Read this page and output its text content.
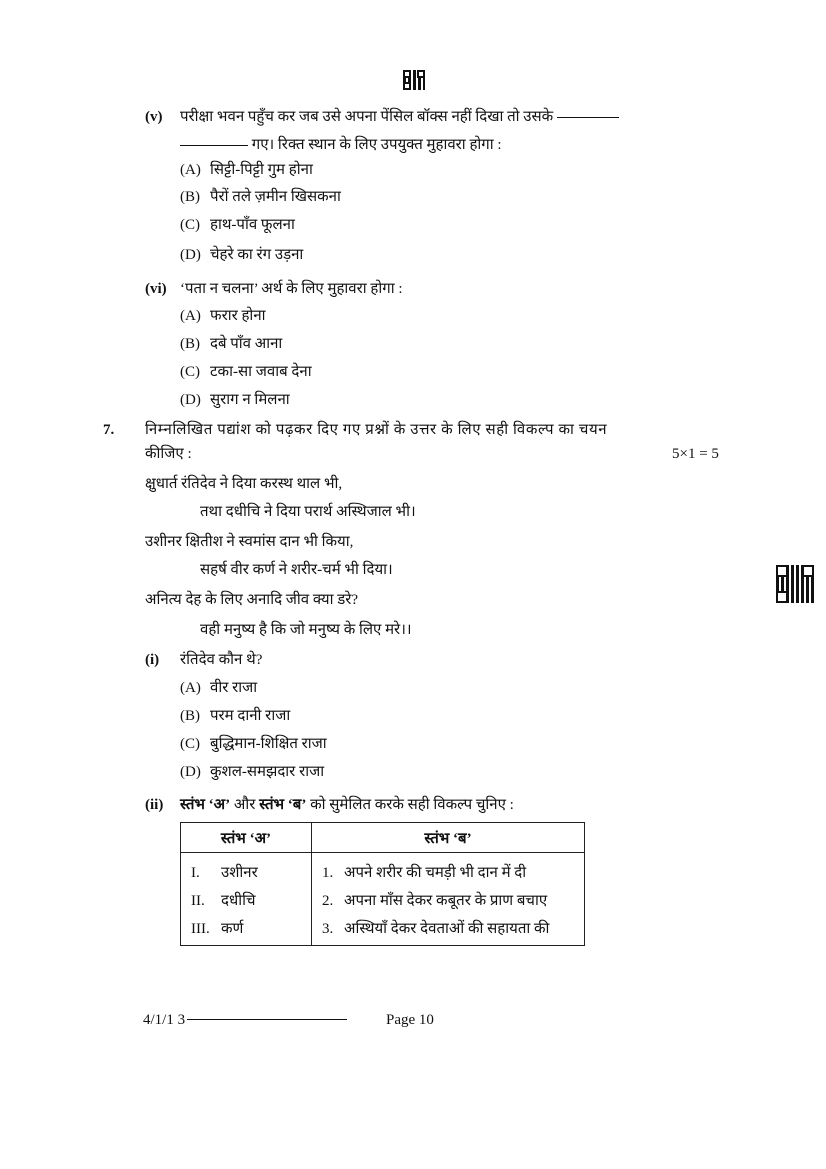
(v) परीक्षा भवन पहुँच कर जब उसे अपना पेंसिल बॉक्स नहीं दिखा तो उसके
गए। रिक्त स्थान के लिए उपयुक्त मुहावरा होगा :
(A) सिट्टी-पिट्टी गुम होना
(B) पैरों तले ज़मीन खिसकना
(C) हाथ-पाँव फूलना
(D) चेहरे का रंग उड़ना
(vi) ‘पता न चलना’ अर्थ के लिए मुहावरा होगा :
(A) फरार होना
(B) दबे पाँव आना
(C) टका-सा जवाब देना
(D) सुराग न मिलना
7. निम्नलिखित पद्यांश को पढ़कर दिए गए प्रश्नों के उत्तर के लिए सही विकल्प का चयन
कीजिए :	5×1 = 5
क्षुधार्त रंतिदेव ने दिया करस्थ थाल भी,
तथा दधीचि ने दिया परार्थ अस्थिजाल भी।
उशीनर क्षितीश ने स्वमांस दान भी किया,
सहर्ष वीर कर्ण ने शरीर-चर्म भी दिया।
अनित्य देह के लिए अनादि जीव क्या डरे?
वही मनुष्य है कि जो मनुष्य के लिए मरे।।
(i) रंतिदेव कौन थे?
(A) वीर राजा
(B) परम दानी राजा
(C) बुद्धिमान-शिक्षित राजा
(D) कुशल-समझदार राजा
(ii) स्तंभ ‘अ’ और स्तंभ ‘ब’ को सुमेलित करके सही विकल्प चुनिए :
स्तंभ ‘अ’	स्तंभ ‘ब’
I. उशीनर	1. अपने शरीर की चमड़ी भी दान में दी
II. दधीचि	2. अपना माँस देकर कबूतर के प्राण बचाए
III. कर्ण	3. अस्थियाँ देकर देवताओं की सहायता की
4/1/1 3	Page 10
